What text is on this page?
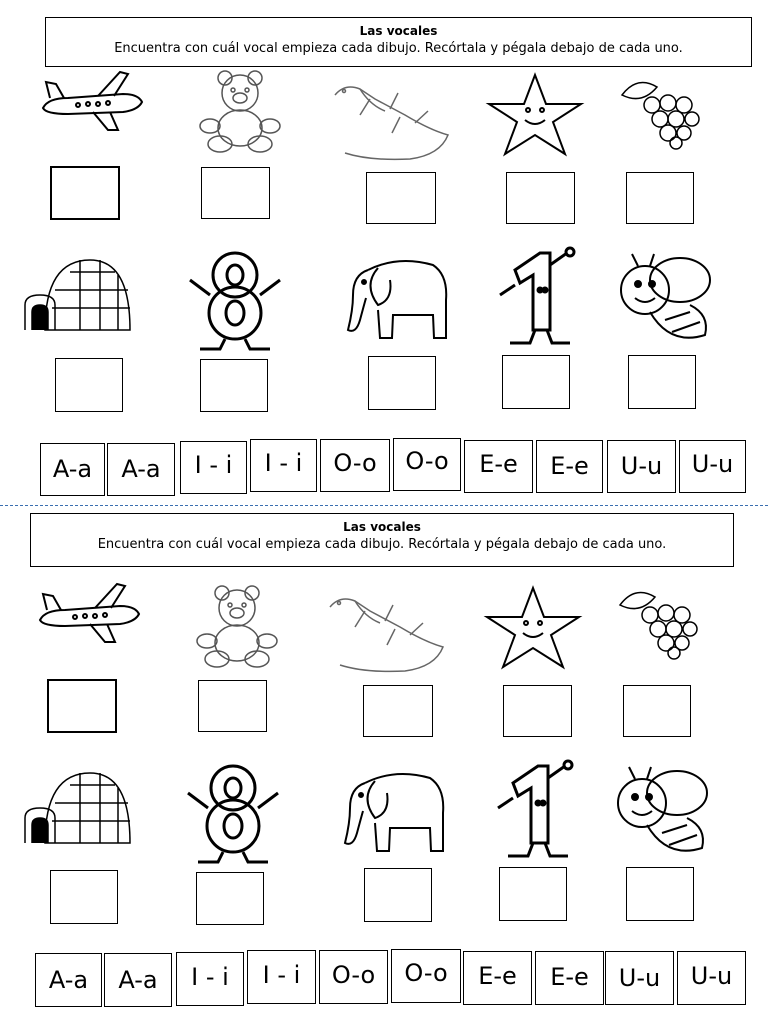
Las vocales
Encuentra con cuál vocal empieza cada dibujo. Recórtala y pégala debajo de cada uno.
A-a	A-a	I - i	I - i	O-o	O-o	E-e	E-e	U-u	U-u
Las vocales
Encuentra con cuál vocal empieza cada dibujo. Recórtala y pégala debajo de cada uno.
A-a	A-a	I - i	I - i	O-o	O-o	E-e	E-e	U-u	U-u
